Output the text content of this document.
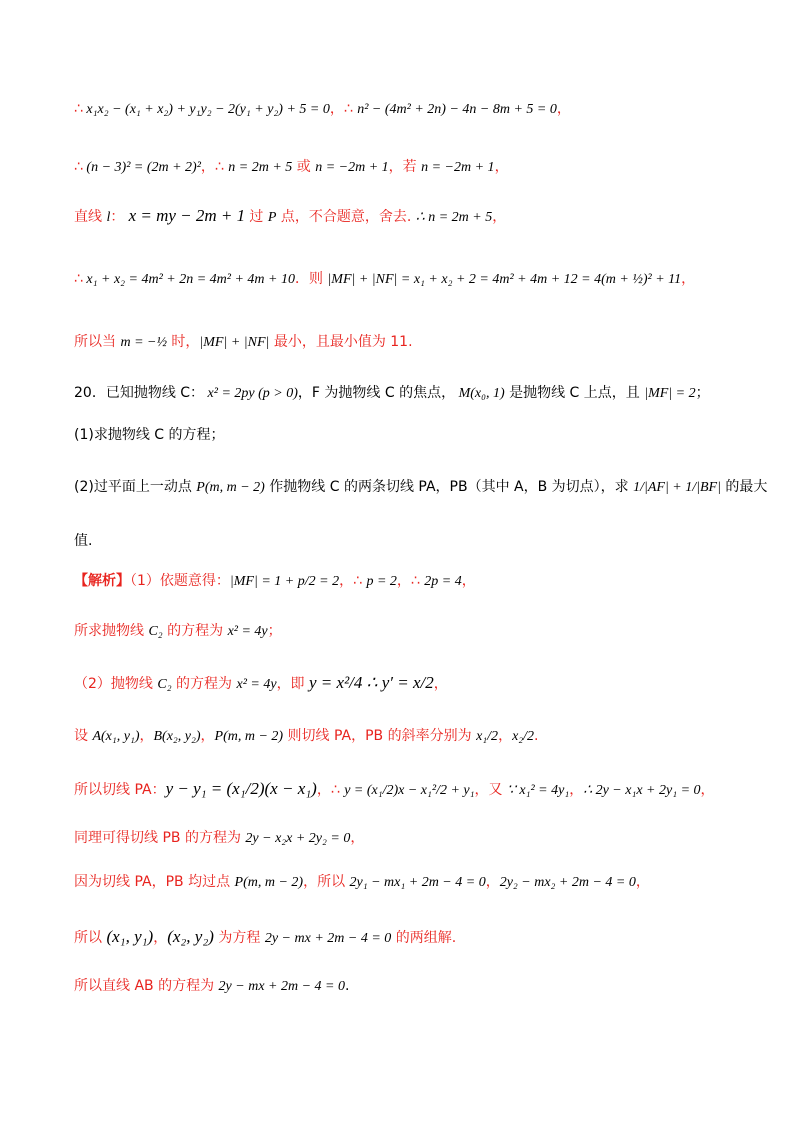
∴ x₁x₂ − (x₁ + x₂) + y₁y₂ − 2(y₁ + y₂) + 5 = 0，∴ n² − (4m² + 2n) − 4n − 8m + 5 = 0，
∴ (n − 3)² = (2m + 2)²，∴ n = 2m + 5 或 n = −2m + 1，若 n = −2m + 1，
直线 l： x = my − 2m + 1 过 P 点，不合题意，舍去. ∴ n = 2m + 5，
∴ x₁ + x₂ = 4m² + 2n = 4m² + 4m + 10．则 |MF| + |NF| = x₁ + x₂ + 2 = 4m² + 4m + 12 = 4(m + ½)² + 11，
所以当 m = −½ 时，|MF| + |NF| 最小，且最小值为 11.
20．已知抛物线 C： x² = 2py (p > 0)，F 为抛物线 C 的焦点， M(x₀, 1) 是抛物线 C 上点，且 |MF| = 2；
(1)求抛物线 C 的方程；
(2)过平面上一动点 P(m, m − 2) 作抛物线 C 的两条切线 PA，PB（其中 A，B 为切点），求 1/|AF| + 1/|BF| 的最大
值.
【解析】（1）依题意得：|MF| = 1 + p/2 = 2，∴ p = 2，∴ 2p = 4，
所求抛物线 C₂ 的方程为 x² = 4y；
（2）抛物线 C₂ 的方程为 x² = 4y，即 y = x²/4 ∴ y′ = x/2，
设 A(x₁, y₁)，B(x₂, y₂)，P(m, m − 2) 则切线 PA，PB 的斜率分别为 x₁/2，x₂/2.
所以切线 PA：y − y₁ = (x₁/2)(x − x₁)，∴ y = (x₁/2)x − x₁²/2 + y₁，又 ∵ x₁² = 4y₁，∴ 2y − x₁x + 2y₁ = 0，
同理可得切线 PB 的方程为 2y − x₂x + 2y₂ = 0，
因为切线 PA，PB 均过点 P(m, m − 2)，所以 2y₁ − mx₁ + 2m − 4 = 0，2y₂ − mx₂ + 2m − 4 = 0，
所以 (x₁, y₁)，(x₂, y₂) 为方程 2y − mx + 2m − 4 = 0 的两组解.
所以直线 AB 的方程为 2y − mx + 2m − 4 = 0.
